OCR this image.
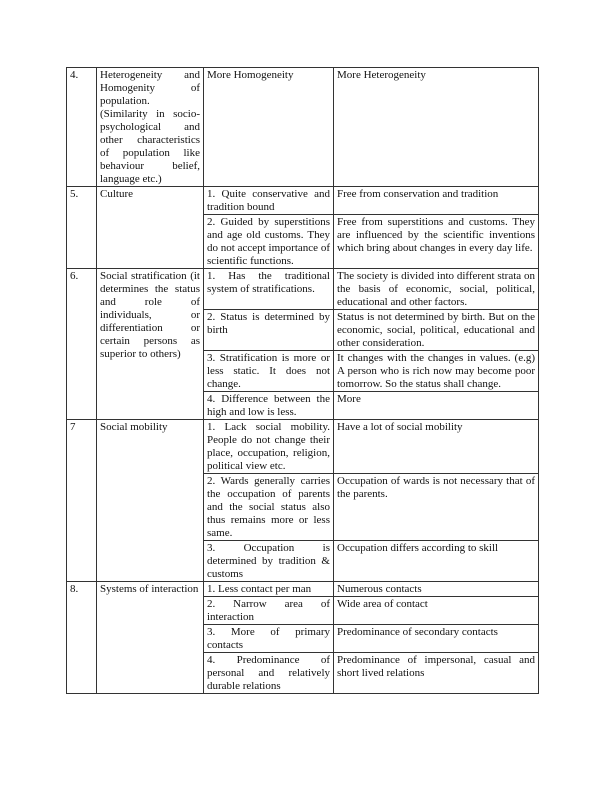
4.	Heterogeneity and Homogenity of population. (Similarity in socio-psychological and other characteristics of population like behaviour belief, language etc.)	More Homogeneity	More Heterogeneity
5.	Culture	1. Quite conservative and tradition bound	Free from conservation and tradition
		2. Guided by superstitions and age old customs. They do not accept importance of scientific functions.	Free from superstitions and customs. They are influenced by the scientific inventions which bring about changes in every day life.
6.	Social stratification (it determines the status and role of individuals, or differentiation or certain persons as superior to others)	1. Has the traditional system of stratifications.	The society is divided into different strata on the basis of economic, social, political, educational and other factors.
		2. Status is determined by birth	Status is not determined by birth. But on the economic, social, political, educational and other consideration.
		3. Stratification is more or less static. It does not change.	It changes with the changes in values. (e.g) A person who is rich now may become poor tomorrow. So the status shall change.
		4. Difference between the high and low is less.	More
7	Social mobility	1. Lack social mobility. People do not change their place, occupation, religion, political view etc.	Have a lot of social mobility
		2. Wards generally carries the occupation of parents and the social status also thus remains more or less same.	Occupation of wards is not necessary that of the parents.
		3. Occupation is determined by tradition & customs	Occupation differs according to skill
8.	Systems of interaction	1. Less contact per man	Numerous contacts
		2. Narrow area of interaction	Wide area of contact
		3. More of primary contacts	Predominance of secondary contacts
		4. Predominance of personal and relatively durable relations	Predominance of impersonal, casual and short lived relations
